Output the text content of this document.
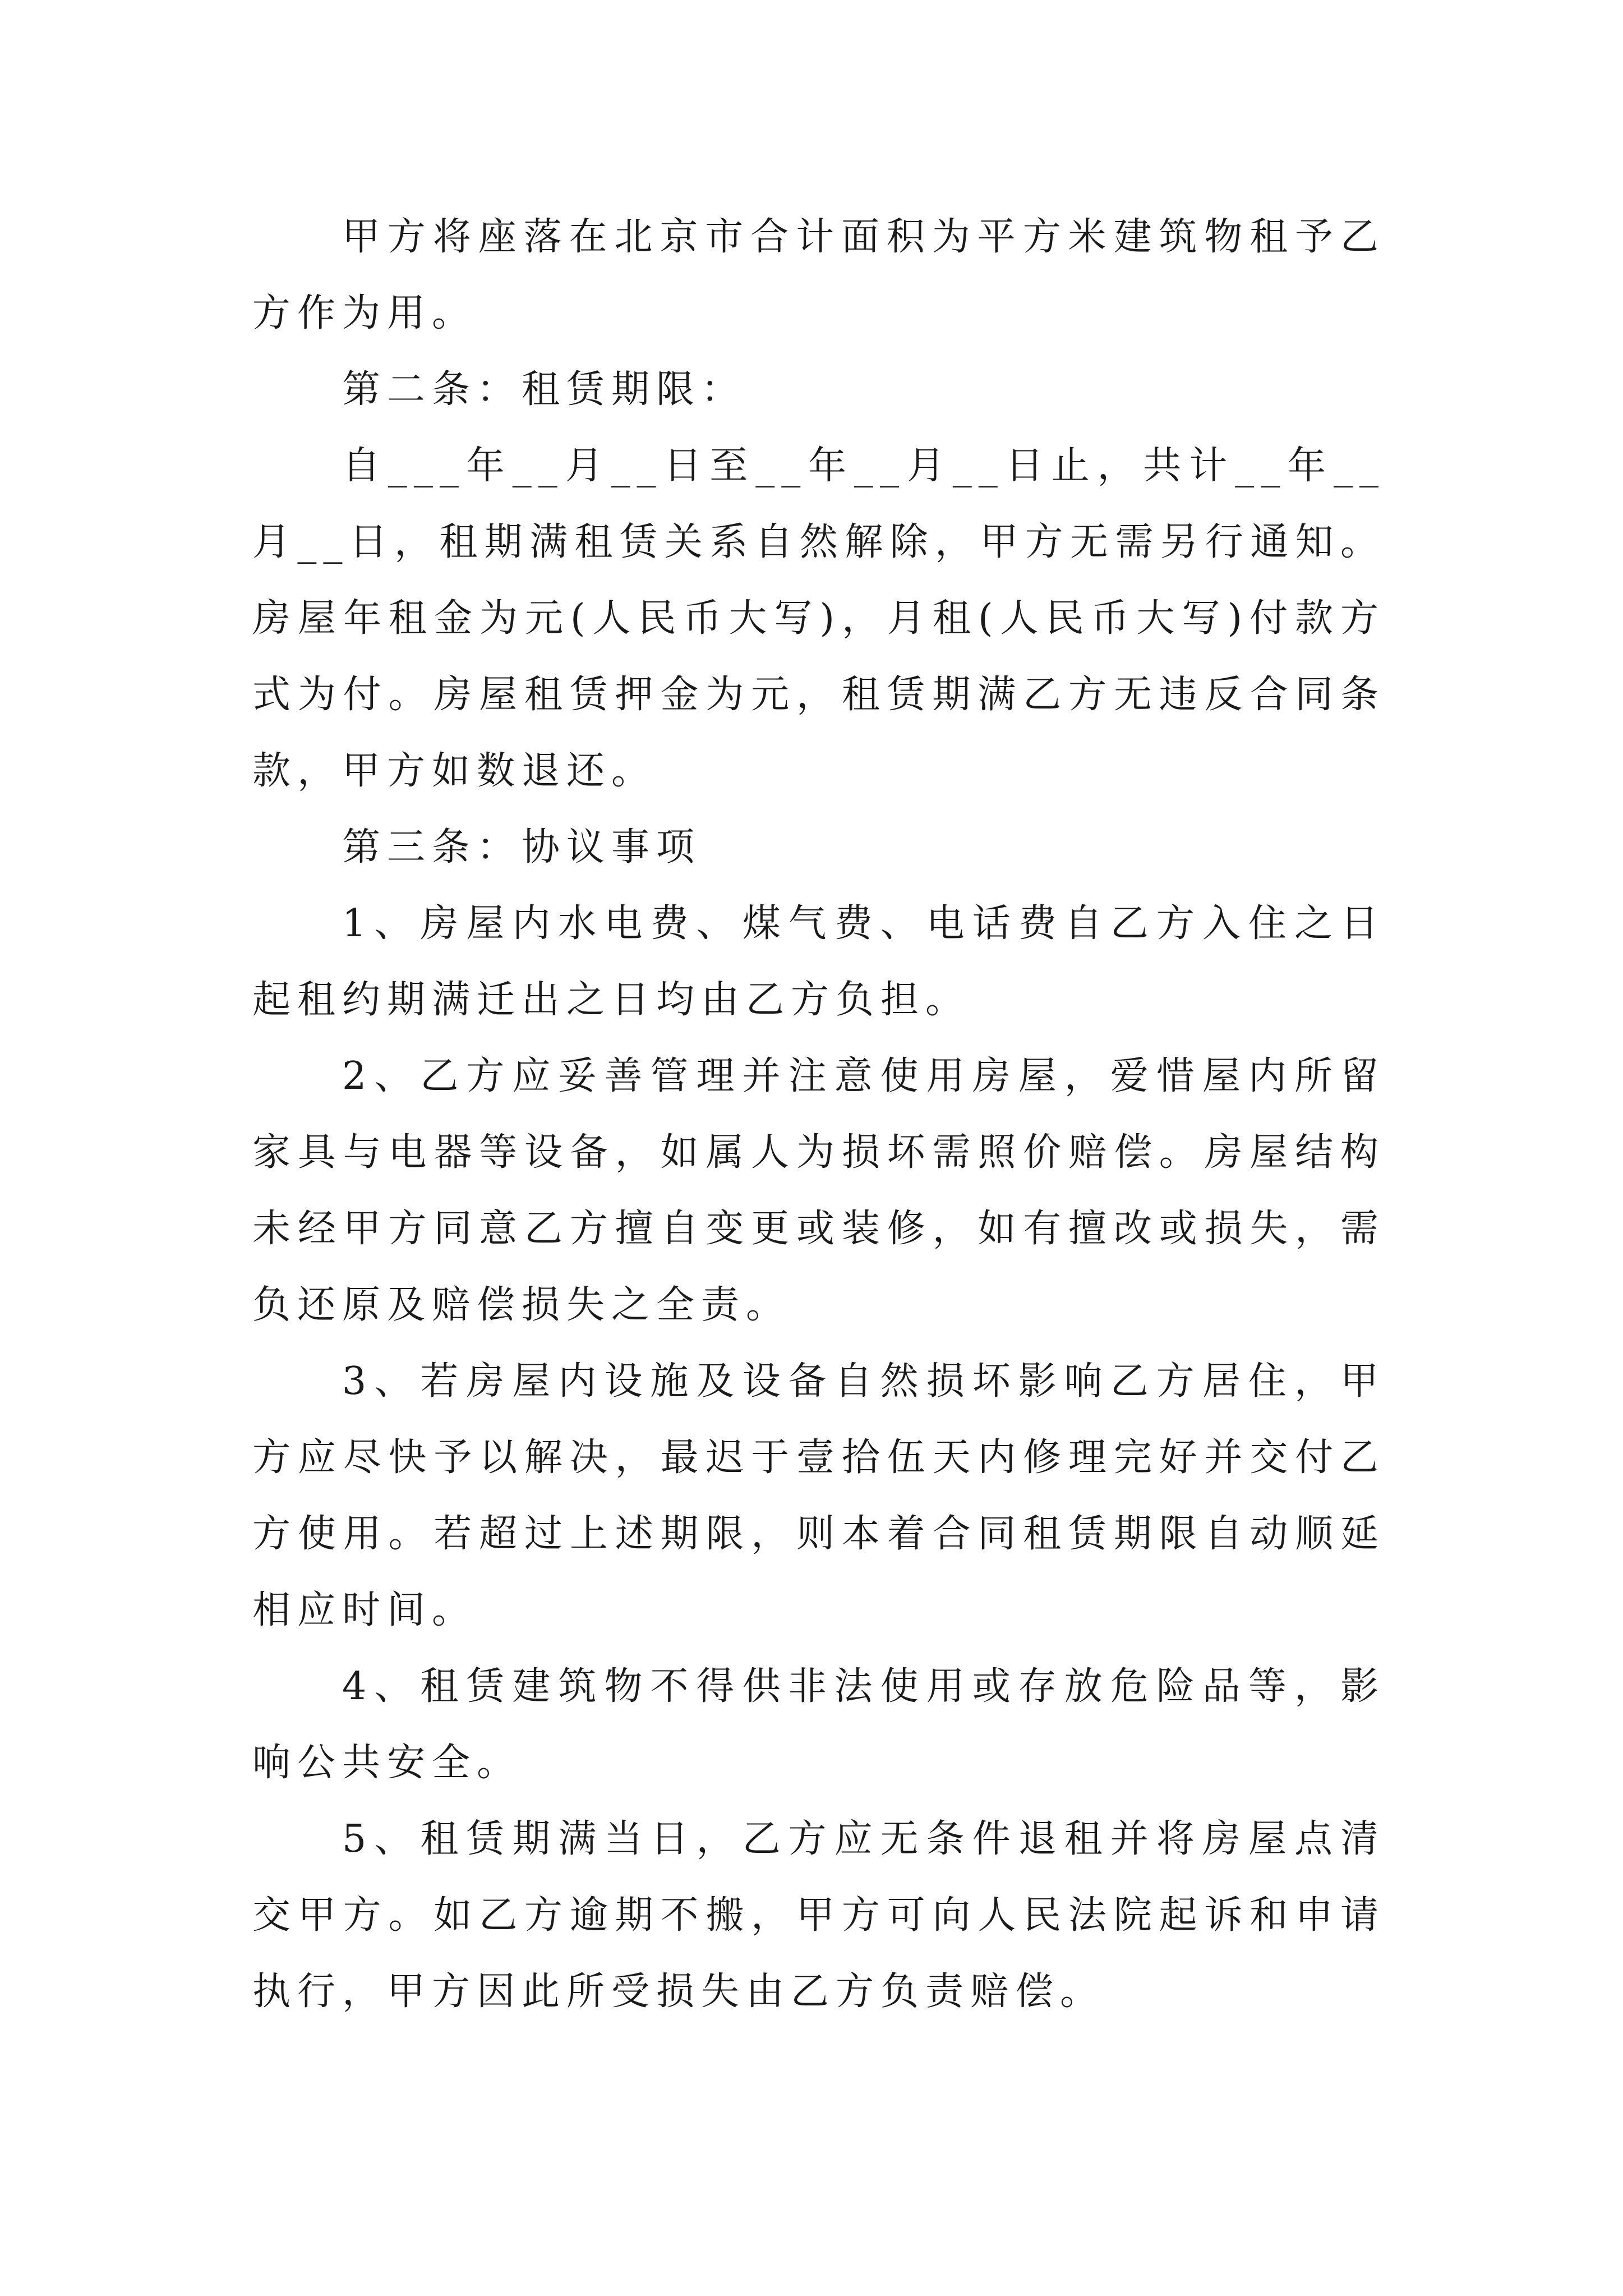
甲方将座落在北京市合计面积为平方米建筑物租予乙方作为用。

第二条：租赁期限：

自___年__月__日至__年__月__日止，共计__年__月__日，租期满租赁关系自然解除，甲方无需另行通知。房屋年租金为元(人民币大写)，月租(人民币大写)付款方式为付。房屋租赁押金为元，租赁期满乙方无违反合同条款，甲方如数退还。

第三条：协议事项

1、房屋内水电费、煤气费、电话费自乙方入住之日起租约期满迁出之日均由乙方负担。

2、乙方应妥善管理并注意使用房屋，爱惜屋内所留家具与电器等设备，如属人为损坏需照价赔偿。房屋结构未经甲方同意乙方擅自变更或装修，如有擅改或损失，需负还原及赔偿损失之全责。

3、若房屋内设施及设备自然损坏影响乙方居住，甲方应尽快予以解决，最迟于壹拾伍天内修理完好并交付乙方使用。若超过上述期限，则本着合同租赁期限自动顺延相应时间。

4、租赁建筑物不得供非法使用或存放危险品等，影响公共安全。

5、租赁期满当日，乙方应无条件退租并将房屋点清交甲方。如乙方逾期不搬，甲方可向人民法院起诉和申请执行，甲方因此所受损失由乙方负责赔偿。
